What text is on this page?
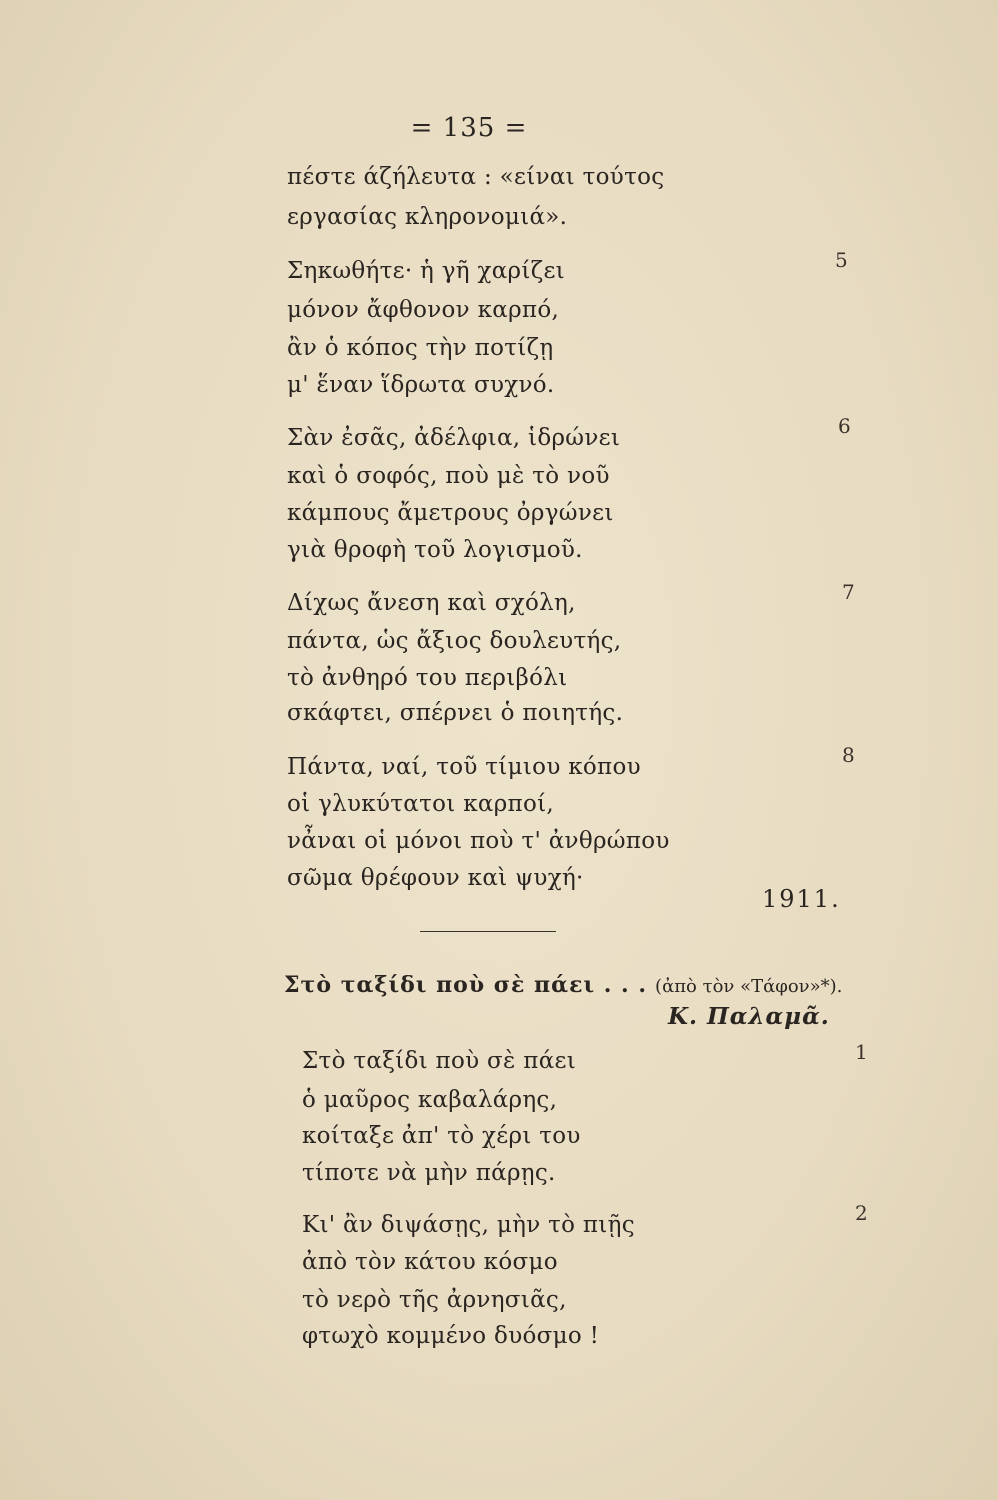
= 135 =
πέστε άζήλευτα : «είναι τούτος
εργασίας κληρονομιά».
Σηκωθήτε· ἡ γῆ χαρίζει
μόνον ἄφθονον καρπό,
ἂν ὁ κόπος τὴν ποτίζῃ
μ' ἕναν ἵδρωτα συχνό.
5
Σὰν ἐσᾶς, ἀδέλφια, ἱδρώνει
καὶ ὁ σοφός, ποὺ μὲ τὸ νοῦ
κάμπους ἄμετρους ὀργώνει
γιὰ θροφὴ τοῦ λογισμοῦ.
6
Δίχως ἄνεση καὶ σχόλη,
πάντα, ὡς ἄξιος δουλευτής,
τὸ ἀνθηρό του περιβόλι
σκάφτει, σπέρνει ὁ ποιητής.
7
Πάντα, ναί, τοῦ τίμιου κόπου
οἱ γλυκύτατοι καρποί,
νἆναι οἱ μόνοι ποὺ τ' ἀνθρώπου
σῶμα θρέφουν καὶ ψυχή·
8
1911.
Στὸ ταξίδι ποὺ σὲ πάει . . . (ἀπὸ τὸν «Τάφον»*).
Κ. Παλαμᾶ.
Στὸ ταξίδι ποὺ σὲ πάει
ὁ μαῦρος καβαλάρης,
κοίταξε ἀπ' τὸ χέρι του
τίποτε νὰ μὴν πάρῃς.
1
Κι' ἂν διψάσῃς, μὴν τὸ πιῇς
ἀπὸ τὸν κάτου κόσμο
τὸ νερὸ τῆς ἀρνησιᾶς,
φτωχὸ κομμένο δυόσμο !
2
